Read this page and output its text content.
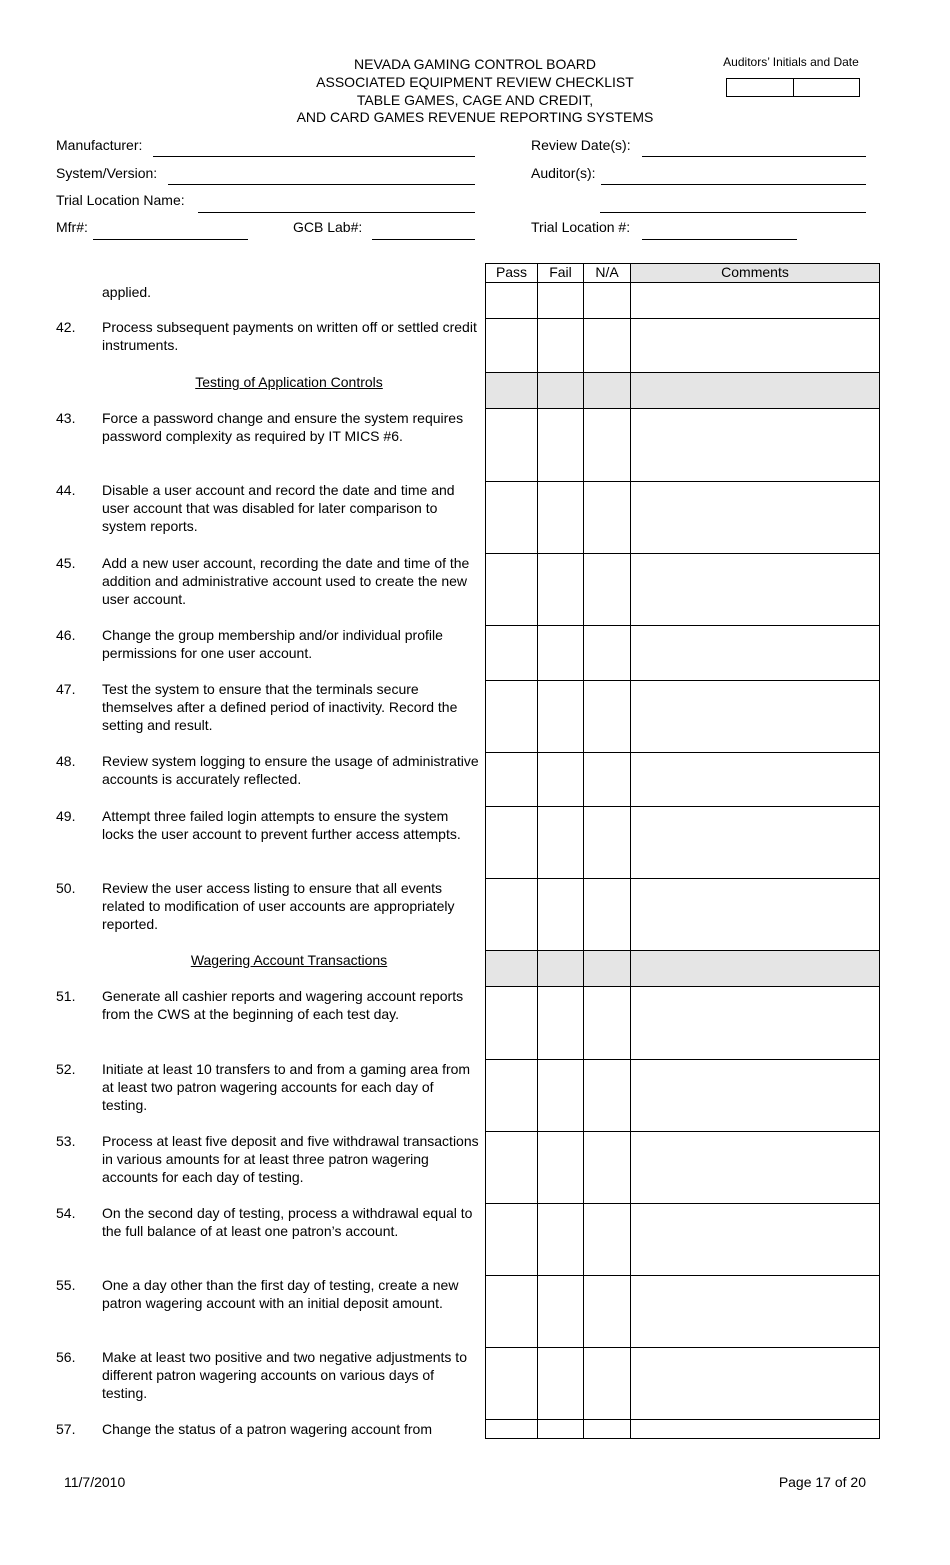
NEVADA GAMING CONTROL BOARD
ASSOCIATED EQUIPMENT REVIEW CHECKLIST
TABLE GAMES, CAGE AND CREDIT,
AND CARD GAMES REVENUE REPORTING SYSTEMS
Auditors’ Initials and Date
Manufacturer:	Review Date(s):
System/Version:	Auditor(s):
Trial Location Name:
Mfr#:	GCB Lab#:	Trial Location #:
Pass	Fail	N/A	Comments
applied.
42. Process subsequent payments on written off or settled credit instruments.
Testing of Application Controls
43. Force a password change and ensure the system requires password complexity as required by IT MICS #6.
44. Disable a user account and record the date and time and user account that was disabled for later comparison to system reports.
45. Add a new user account, recording the date and time of the addition and administrative account used to create the new user account.
46. Change the group membership and/or individual profile permissions for one user account.
47. Test the system to ensure that the terminals secure themselves after a defined period of inactivity. Record the setting and result.
48. Review system logging to ensure the usage of administrative accounts is accurately reflected.
49. Attempt three failed login attempts to ensure the system locks the user account to prevent further access attempts.
50. Review the user access listing to ensure that all events related to modification of user accounts are appropriately reported.
Wagering Account Transactions
51. Generate all cashier reports and wagering account reports from the CWS at the beginning of each test day.
52. Initiate at least 10 transfers to and from a gaming area from at least two patron wagering accounts for each day of testing.
53. Process at least five deposit and five withdrawal transactions in various amounts for at least three patron wagering accounts for each day of testing.
54. On the second day of testing, process a withdrawal equal to the full balance of at least one patron’s account.
55. One a day other than the first day of testing, create a new patron wagering account with an initial deposit amount.
56. Make at least two positive and two negative adjustments to different patron wagering accounts on various days of testing.
57. Change the status of a patron wagering account from
11/7/2010	Page 17 of 20
